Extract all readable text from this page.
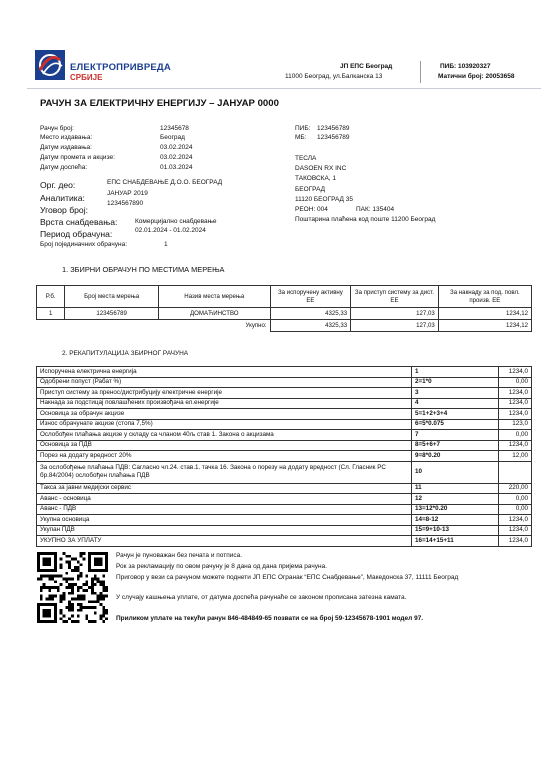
ЕЛЕКТРОПРИВРЕДА
СРБИЈЕ
ЈП ЕПС Београд
11000 Београд, ул.Балканска 13
ПИБ: 103920327
Матични број: 20053658
РАЧУН ЗА ЕЛЕКТРИЧНУ ЕНЕРГИЈУ – ЈАНУАР 0000
Рачун број:	12345678
Место издавања:	Београд
Датум издавања:	03.02.2024
Датум промета и акцизе:	03.02.2024
Датум доспећа:	01.03.2024
Орг. део:	ЕПС СНАБДЕВАЊЕ Д.О.О. БЕОГРАД
Аналитика:	ЈАНУАР 2019
Уговор број:
1234567890
Врста снабдевања:	Комерцијално снабдевање
Период обрачуна:	02.01.2024 - 01.02.2024
Број појединачних обрачуна:	1
ПИБ: 123456789
МБ: 123456789
ТЕСЛА
DASOEN RX INC
ТАКОВСКА, 1
БЕОГРАД
11120 БЕОГРАД 35
РЕОН: 004	ПАК: 135404
Поштарина плаћена код поште 11200 Београд
1. ЗБИРНИ ОБРАЧУН ПО МЕСТИМА МЕРЕЊА
Р.б.	Број места мерења	Назив места мерења	За испоручену активну ЕЕ	За приступ систему за дист. ЕЕ	За накнаду за под. повл. произв. ЕЕ
1	123456789	ДОМАЋИНСТВО	4325,33	127,03	1234,12
Укупно:			4325,33	127,03	1234,12
2. РЕКАПИТУЛАЦИЈА ЗБИРНОГ РАЧУНА
Испоручена електрична енергија	1	1234,0
Одобрени попуст (Рабат %)	2=1*0	0,00
Приступ систему за пренос/дистрибуцију електричне енергије	3	1234,0
Накнада за подстицај повлашћених произвођача ел.енергије	4	1234,0
Основица за обрачун акцизе	5=1+2+3+4	1234,0
Износ обрачунате акцизе (стопа 7,5%)	6=5*0.075	123,0
Ослобођен плаћања акцизе у складу са чланом 40љ став 1. Закона о акцизама	7	0,00
Основица за ПДВ	8=5+6+7	1234,0
Порез на додату вредност 20%	9=8*0.20	12,00
За ослобођење плаћања ПДВ: Сагласно чл.24. став.1. тачка 16. Закона о порезу нa додату вредност (Сл. Гласник РС бр.84/2004) ослобођен плаћања ПДВ	10	
Такса за јавни медијски сервис	11	220,00
Аванс - основица	12	0,00
Аванс - ПДВ	13=12*0.20	0,00
Укупна основица	14=8-12	1234,0
Укупан ПДВ	15=9+10-13	1234,0
УКУПНО ЗА УПЛАТУ	16=14+15+11	1234,0
Рачун је пуноважан без печата и потписа.
Рок за рекламацију по овом рачуну је 8 дана од дана пријема рачуна.
Приговор у вези са рачуном можете поднети ЈП ЕПС Огранак “ЕПС Снабдевање”, Македонска 37, 11111 Београд
У случају кашњења уплате, от датума доспећа рачунаће се законом прописана затезна камата.
Приликом уплате на текући рачун 846-484849-65 позвати се на број 59-12345678-1901 модел 97.
